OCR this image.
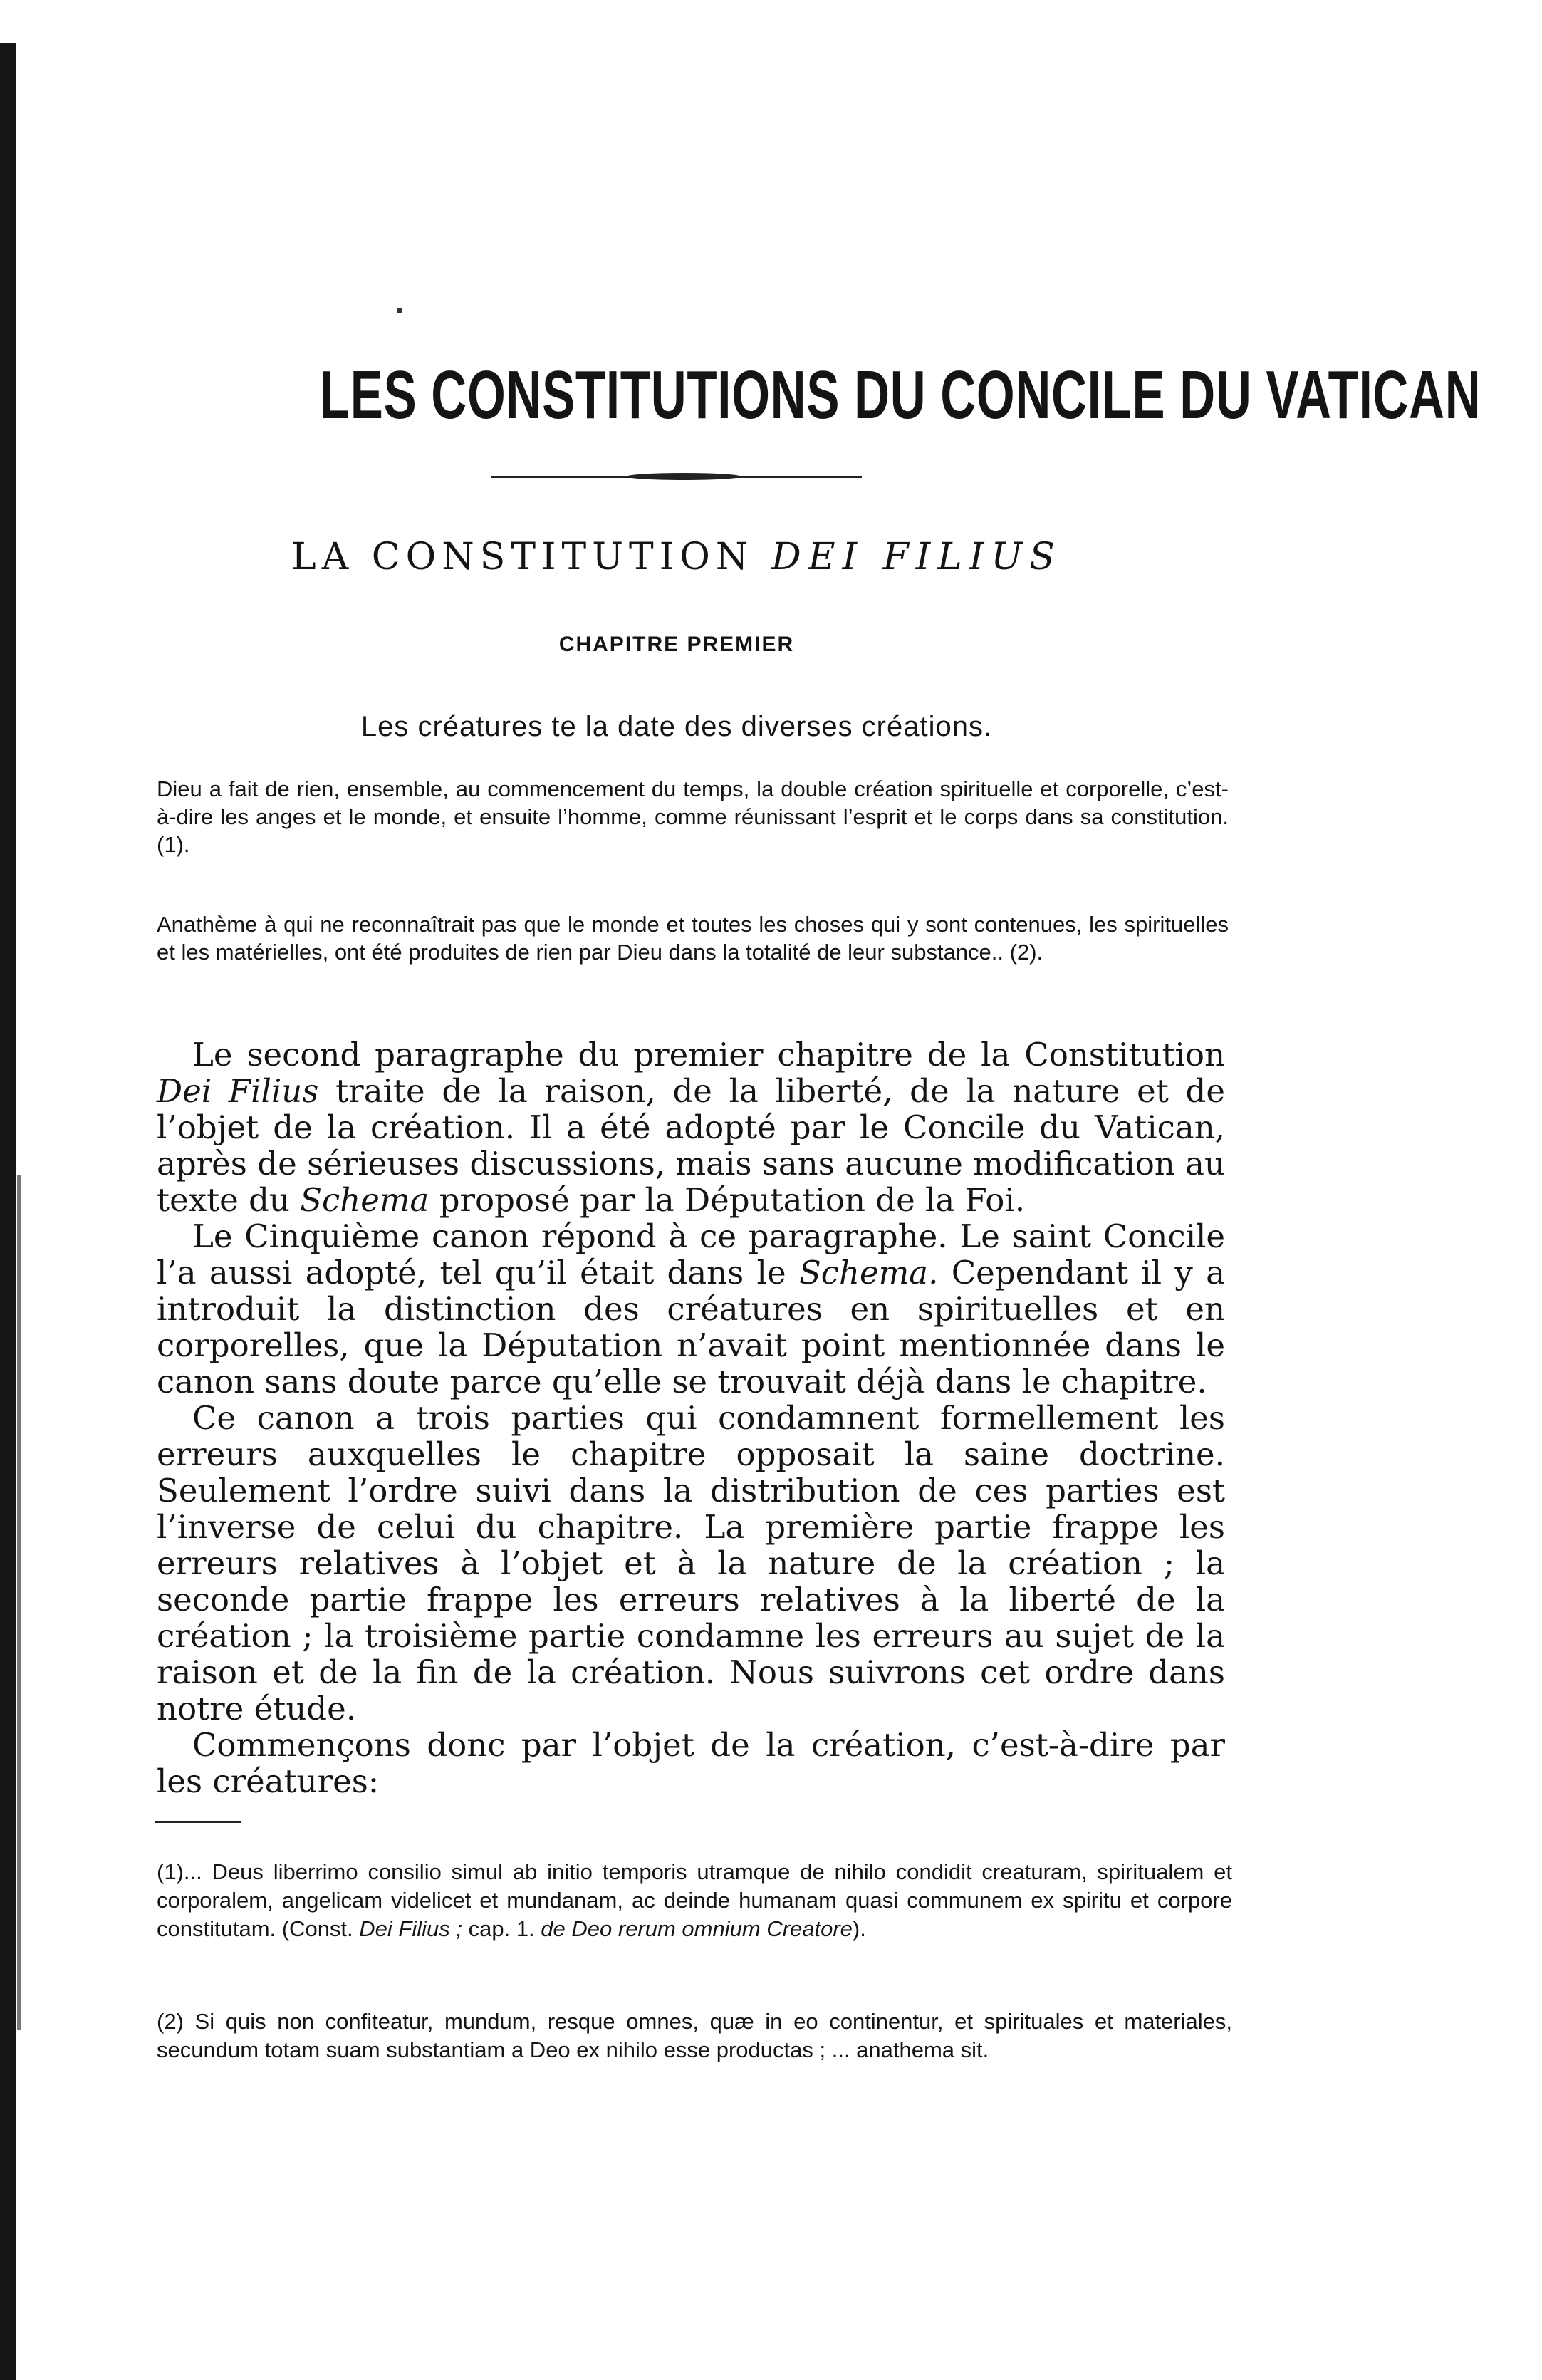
LES CONSTITUTIONS DU CONCILE DU VATICAN
LA CONSTITUTION DEI FILIUS
CHAPITRE PREMIER
Les créatures te la date des diverses créations.

Dieu a fait de rien, ensemble, au commencement du temps, la double création spirituelle et corporelle, c’est-à-dire les anges et le monde, et ensuite l’homme, comme réunissant l’esprit et le corps dans sa constitution.(1).

Anathème à qui ne reconnaîtrait pas que le monde et toutes les choses qui y sont contenues, les spirituelles et les matérielles, ont été produites de rien par Dieu dans la totalité de leur substance.. (2).

Le second paragraphe du premier chapitre de la Constitution Dei Filius traite de la raison, de la liberté, de la nature et de l’objet de la création. Il a été adopté par le Concile du Vatican, après de sérieuses discussions, mais sans aucune modification au texte du Schema proposé par la Députation de la Foi.

Le Cinquième canon répond à ce paragraphe. Le saint Concile l’a aussi adopté, tel qu’il était dans le Schema. Cependant il y a introduit la distinction des créatures en spirituelles et en corporelles, que la Députation n’avait point mentionnée dans le canon sans doute parce qu’elle se trouvait déjà dans le chapitre.

Ce canon a trois parties qui condamnent formellement les erreurs auxquelles le chapitre opposait la saine doctrine. Seulement l’ordre suivi dans la distribution de ces parties est l’inverse de celui du chapitre. La première partie frappe les erreurs relatives à l’objet et à la nature de la création ; la seconde partie frappe les erreurs relatives à la liberté de la création ; la troisième partie condamne les erreurs au sujet de la raison et de la fin de la création. Nous suivrons cet ordre dans notre étude.

Commençons donc par l’objet de la création, c’est-à-dire par les créatures:

(1)... Deus liberrimo consilio simul ab initio temporis utramque de nihilo condidit creaturam, spiritualem et corporalem, angelicam videlicet et mundanam, ac deinde humanam quasi communem ex spiritu et corpore constitutam. (Const. Dei Filius ; cap. 1. de Deo rerum omnium Creatore).

(2) Si quis non confiteatur, mundum, resque omnes, quæ in eo continentur, et spirituales et materiales, secundum totam suam substantiam a Deo ex nihilo esse productas ; ... anathema sit.
